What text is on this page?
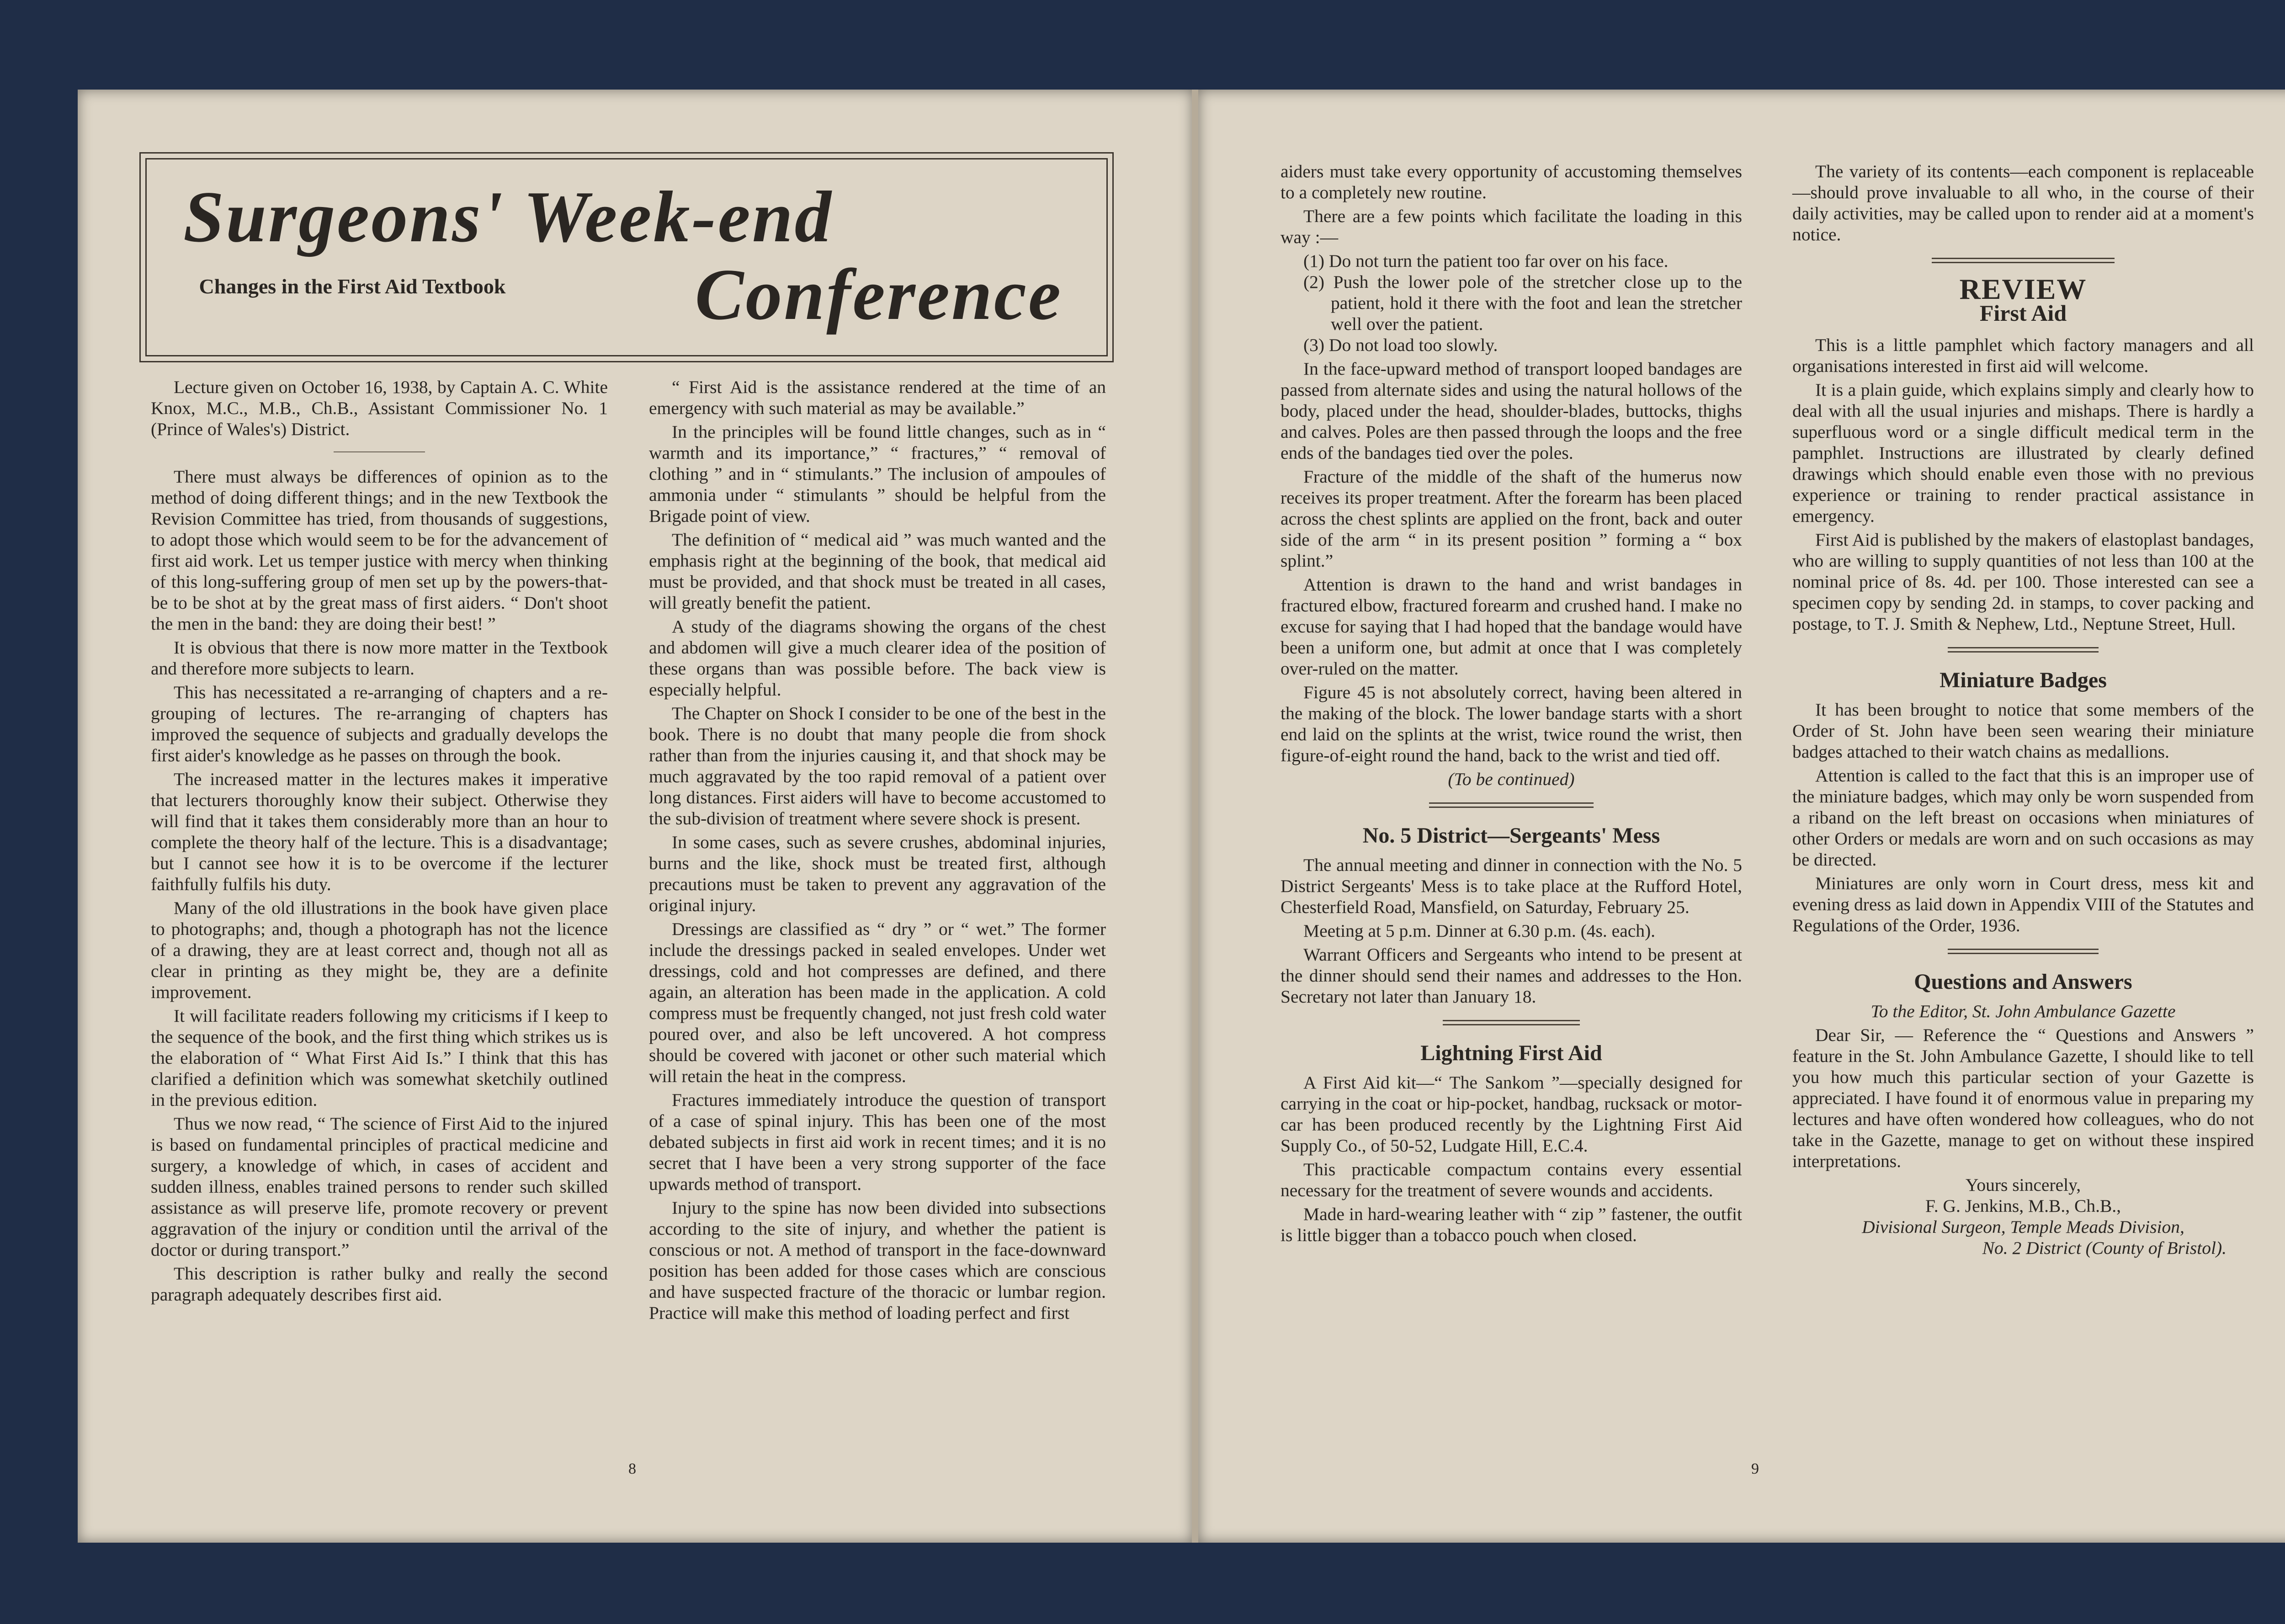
Surgeons' Week-end
Changes in the First Aid Textbook	Conference

Lecture given on October 16, 1938, by Captain A. C. White Knox, M.C., M.B., Ch.B., Assistant Commissioner No. 1 (Prince of Wales's) District.

There must always be differences of opinion as to the method of doing different things; and in the new Textbook the Revision Committee has tried, from thousands of suggestions, to adopt those which would seem to be for the advancement of first aid work. Let us temper justice with mercy when thinking of this long-suffering group of men set up by the powers-that-be to be shot at by the great mass of first aiders. “ Don't shoot the men in the band: they are doing their best! ”

It is obvious that there is now more matter in the Textbook and therefore more subjects to learn.

This has necessitated a re-arranging of chapters and a re-grouping of lectures. The re-arranging of chapters has improved the sequence of subjects and gradually develops the first aider's knowledge as he passes on through the book.

The increased matter in the lectures makes it imperative that lecturers thoroughly know their subject. Otherwise they will find that it takes them considerably more than an hour to complete the theory half of the lecture. This is a disadvantage; but I cannot see how it is to be overcome if the lecturer faithfully fulfils his duty.

Many of the old illustrations in the book have given place to photographs; and, though a photograph has not the licence of a drawing, they are at least correct and, though not all as clear in printing as they might be, they are a definite improvement.

It will facilitate readers following my criticisms if I keep to the sequence of the book, and the first thing which strikes us is the elaboration of “ What First Aid Is.” I think that this has clarified a definition which was somewhat sketchily outlined in the previous edition.

Thus we now read, “ The science of First Aid to the injured is based on fundamental principles of practical medicine and surgery, a knowledge of which, in cases of accident and sudden illness, enables trained persons to render such skilled assistance as will preserve life, promote recovery or prevent aggravation of the injury or condition until the arrival of the doctor or during transport.”

This description is rather bulky and really the second paragraph adequately describes first aid.

“ First Aid is the assistance rendered at the time of an emergency with such material as may be available.”

In the principles will be found little changes, such as in “ warmth and its importance,” “ fractures,” “ removal of clothing ” and in “ stimulants.” The inclusion of ampoules of ammonia under “ stimulants ” should be helpful from the Brigade point of view.

The definition of “ medical aid ” was much wanted and the emphasis right at the beginning of the book, that medical aid must be provided, and that shock must be treated in all cases, will greatly benefit the patient.

A study of the diagrams showing the organs of the chest and abdomen will give a much clearer idea of the position of these organs than was possible before. The back view is especially helpful.

The Chapter on Shock I consider to be one of the best in the book. There is no doubt that many people die from shock rather than from the injuries causing it, and that shock may be much aggravated by the too rapid removal of a patient over long distances. First aiders will have to become accustomed to the sub-division of treatment where severe shock is present.

In some cases, such as severe crushes, abdominal injuries, burns and the like, shock must be treated first, although precautions must be taken to prevent any aggravation of the original injury.

Dressings are classified as “ dry ” or “ wet.” The former include the dressings packed in sealed envelopes. Under wet dressings, cold and hot compresses are defined, and there again, an alteration has been made in the application. A cold compress must be frequently changed, not just fresh cold water poured over, and also be left uncovered. A hot compress should be covered with jaconet or other such material which will retain the heat in the compress.

Fractures immediately introduce the question of transport of a case of spinal injury. This has been one of the most debated subjects in first aid work in recent times; and it is no secret that I have been a very strong supporter of the face upwards method of transport.

Injury to the spine has now been divided into subsections according to the site of injury, and whether the patient is conscious or not. A method of transport in the face-downward position has been added for those cases which are conscious and have suspected fracture of the thoracic or lumbar region. Practice will make this method of loading perfect and first

8

aiders must take every opportunity of accustoming themselves to a completely new routine.

There are a few points which facilitate the loading in this way :—

(1) Do not turn the patient too far over on his face.

(2) Push the lower pole of the stretcher close up to the patient, hold it there with the foot and lean the stretcher well over the patient.

(3) Do not load too slowly.

In the face-upward method of transport looped bandages are passed from alternate sides and using the natural hollows of the body, placed under the head, shoulder-blades, buttocks, thighs and calves. Poles are then passed through the loops and the free ends of the bandages tied over the poles.

Fracture of the middle of the shaft of the humerus now receives its proper treatment. After the forearm has been placed across the chest splints are applied on the front, back and outer side of the arm “ in its present position ” forming a “ box splint.”

Attention is drawn to the hand and wrist bandages in fractured elbow, fractured forearm and crushed hand. I make no excuse for saying that I had hoped that the bandage would have been a uniform one, but admit at once that I was completely over-ruled on the matter.

Figure 45 is not absolutely correct, having been altered in the making of the block. The lower bandage starts with a short end laid on the splints at the wrist, twice round the wrist, then figure-of-eight round the hand, back to the wrist and tied off.

(To be continued)

No. 5 District—Sergeants' Mess

The annual meeting and dinner in connection with the No. 5 District Sergeants' Mess is to take place at the Rufford Hotel, Chesterfield Road, Mansfield, on Saturday, February 25.

Meeting at 5 p.m. Dinner at 6.30 p.m. (4s. each).

Warrant Officers and Sergeants who intend to be present at the dinner should send their names and addresses to the Hon. Secretary not later than January 18.

Lightning First Aid

A First Aid kit—“ The Sankom ”—specially designed for carrying in the coat or hip-pocket, handbag, rucksack or motor-car has been produced recently by the Lightning First Aid Supply Co., of 50-52, Ludgate Hill, E.C.4.

This practicable compactum contains every essential necessary for the treatment of severe wounds and accidents.

Made in hard-wearing leather with “ zip ” fastener, the outfit is little bigger than a tobacco pouch when closed.

The variety of its contents—each component is replaceable—should prove invaluable to all who, in the course of their daily activities, may be called upon to render aid at a moment's notice.

REVIEW
First Aid

This is a little pamphlet which factory managers and all organisations interested in first aid will welcome.

It is a plain guide, which explains simply and clearly how to deal with all the usual injuries and mishaps. There is hardly a superfluous word or a single difficult medical term in the pamphlet. Instructions are illustrated by clearly defined drawings which should enable even those with no previous experience or training to render practical assistance in emergency.

First Aid is published by the makers of elastoplast bandages, who are willing to supply quantities of not less than 100 at the nominal price of 8s. 4d. per 100. Those interested can see a specimen copy by sending 2d. in stamps, to cover packing and postage, to T. J. Smith & Nephew, Ltd., Neptune Street, Hull.

Miniature Badges

It has been brought to notice that some members of the Order of St. John have been seen wearing their miniature badges attached to their watch chains as medallions.

Attention is called to the fact that this is an improper use of the miniature badges, which may only be worn suspended from a riband on the left breast on occasions when miniatures of other Orders or medals are worn and on such occasions as may be directed.

Miniatures are only worn in Court dress, mess kit and evening dress as laid down in Appendix VIII of the Statutes and Regulations of the Order, 1936.

Questions and Answers

To the Editor, St. John Ambulance Gazette

Dear Sir, — Reference the “ Questions and Answers ” feature in the St. John Ambulance Gazette, I should like to tell you how much this particular section of your Gazette is appreciated. I have found it of enormous value in preparing my lectures and have often wondered how colleagues, who do not take in the Gazette, manage to get on without these inspired interpretations.

Yours sincerely,

F. G. Jenkins, M.B., Ch.B.,

Divisional Surgeon, Temple Meads Division,

No. 2 District (County of Bristol).

9
